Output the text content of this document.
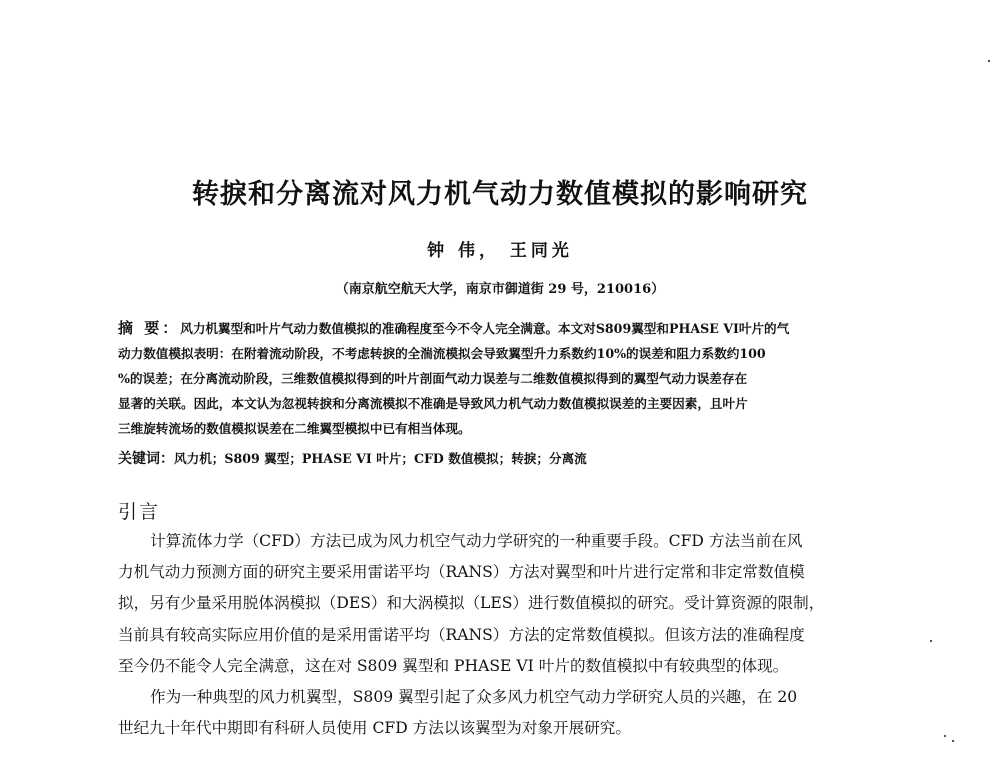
转捩和分离流对风力机气动力数值模拟的影响研究
钟 伟， 王同光
（南京航空航天大学，南京市御道街 29 号，210016）
摘 要：风力机翼型和叶片气动力数值模拟的准确程度至今不令人完全满意。本文对S809翼型和PHASE VI叶片的气
动力数值模拟表明：在附着流动阶段，不考虑转捩的全湍流模拟会导致翼型升力系数约10%的误差和阻力系数约100
%的误差；在分离流动阶段，三维数值模拟得到的叶片剖面气动力误差与二维数值模拟得到的翼型气动力误差存在
显著的关联。因此，本文认为忽视转捩和分离流模拟不准确是导致风力机气动力数值模拟误差的主要因素，且叶片
三维旋转流场的数值模拟误差在二维翼型模拟中已有相当体现。
关键词：风力机；S809 翼型；PHASE VI 叶片；CFD 数值模拟；转捩；分离流
引言
计算流体力学（CFD）方法已成为风力机空气动力学研究的一种重要手段。CFD 方法当前在风
力机气动力预测方面的研究主要采用雷诺平均（RANS）方法对翼型和叶片进行定常和非定常数值模
拟，另有少量采用脱体涡模拟（DES）和大涡模拟（LES）进行数值模拟的研究。受计算资源的限制，
当前具有较高实际应用价值的是采用雷诺平均（RANS）方法的定常数值模拟。但该方法的准确程度
至今仍不能令人完全满意，这在对 S809 翼型和 PHASE VI 叶片的数值模拟中有较典型的体现。
作为一种典型的风力机翼型，S809 翼型引起了众多风力机空气动力学研究人员的兴趣，在 20
世纪九十年代中期即有科研人员使用 CFD 方法以该翼型为对象开展研究。
